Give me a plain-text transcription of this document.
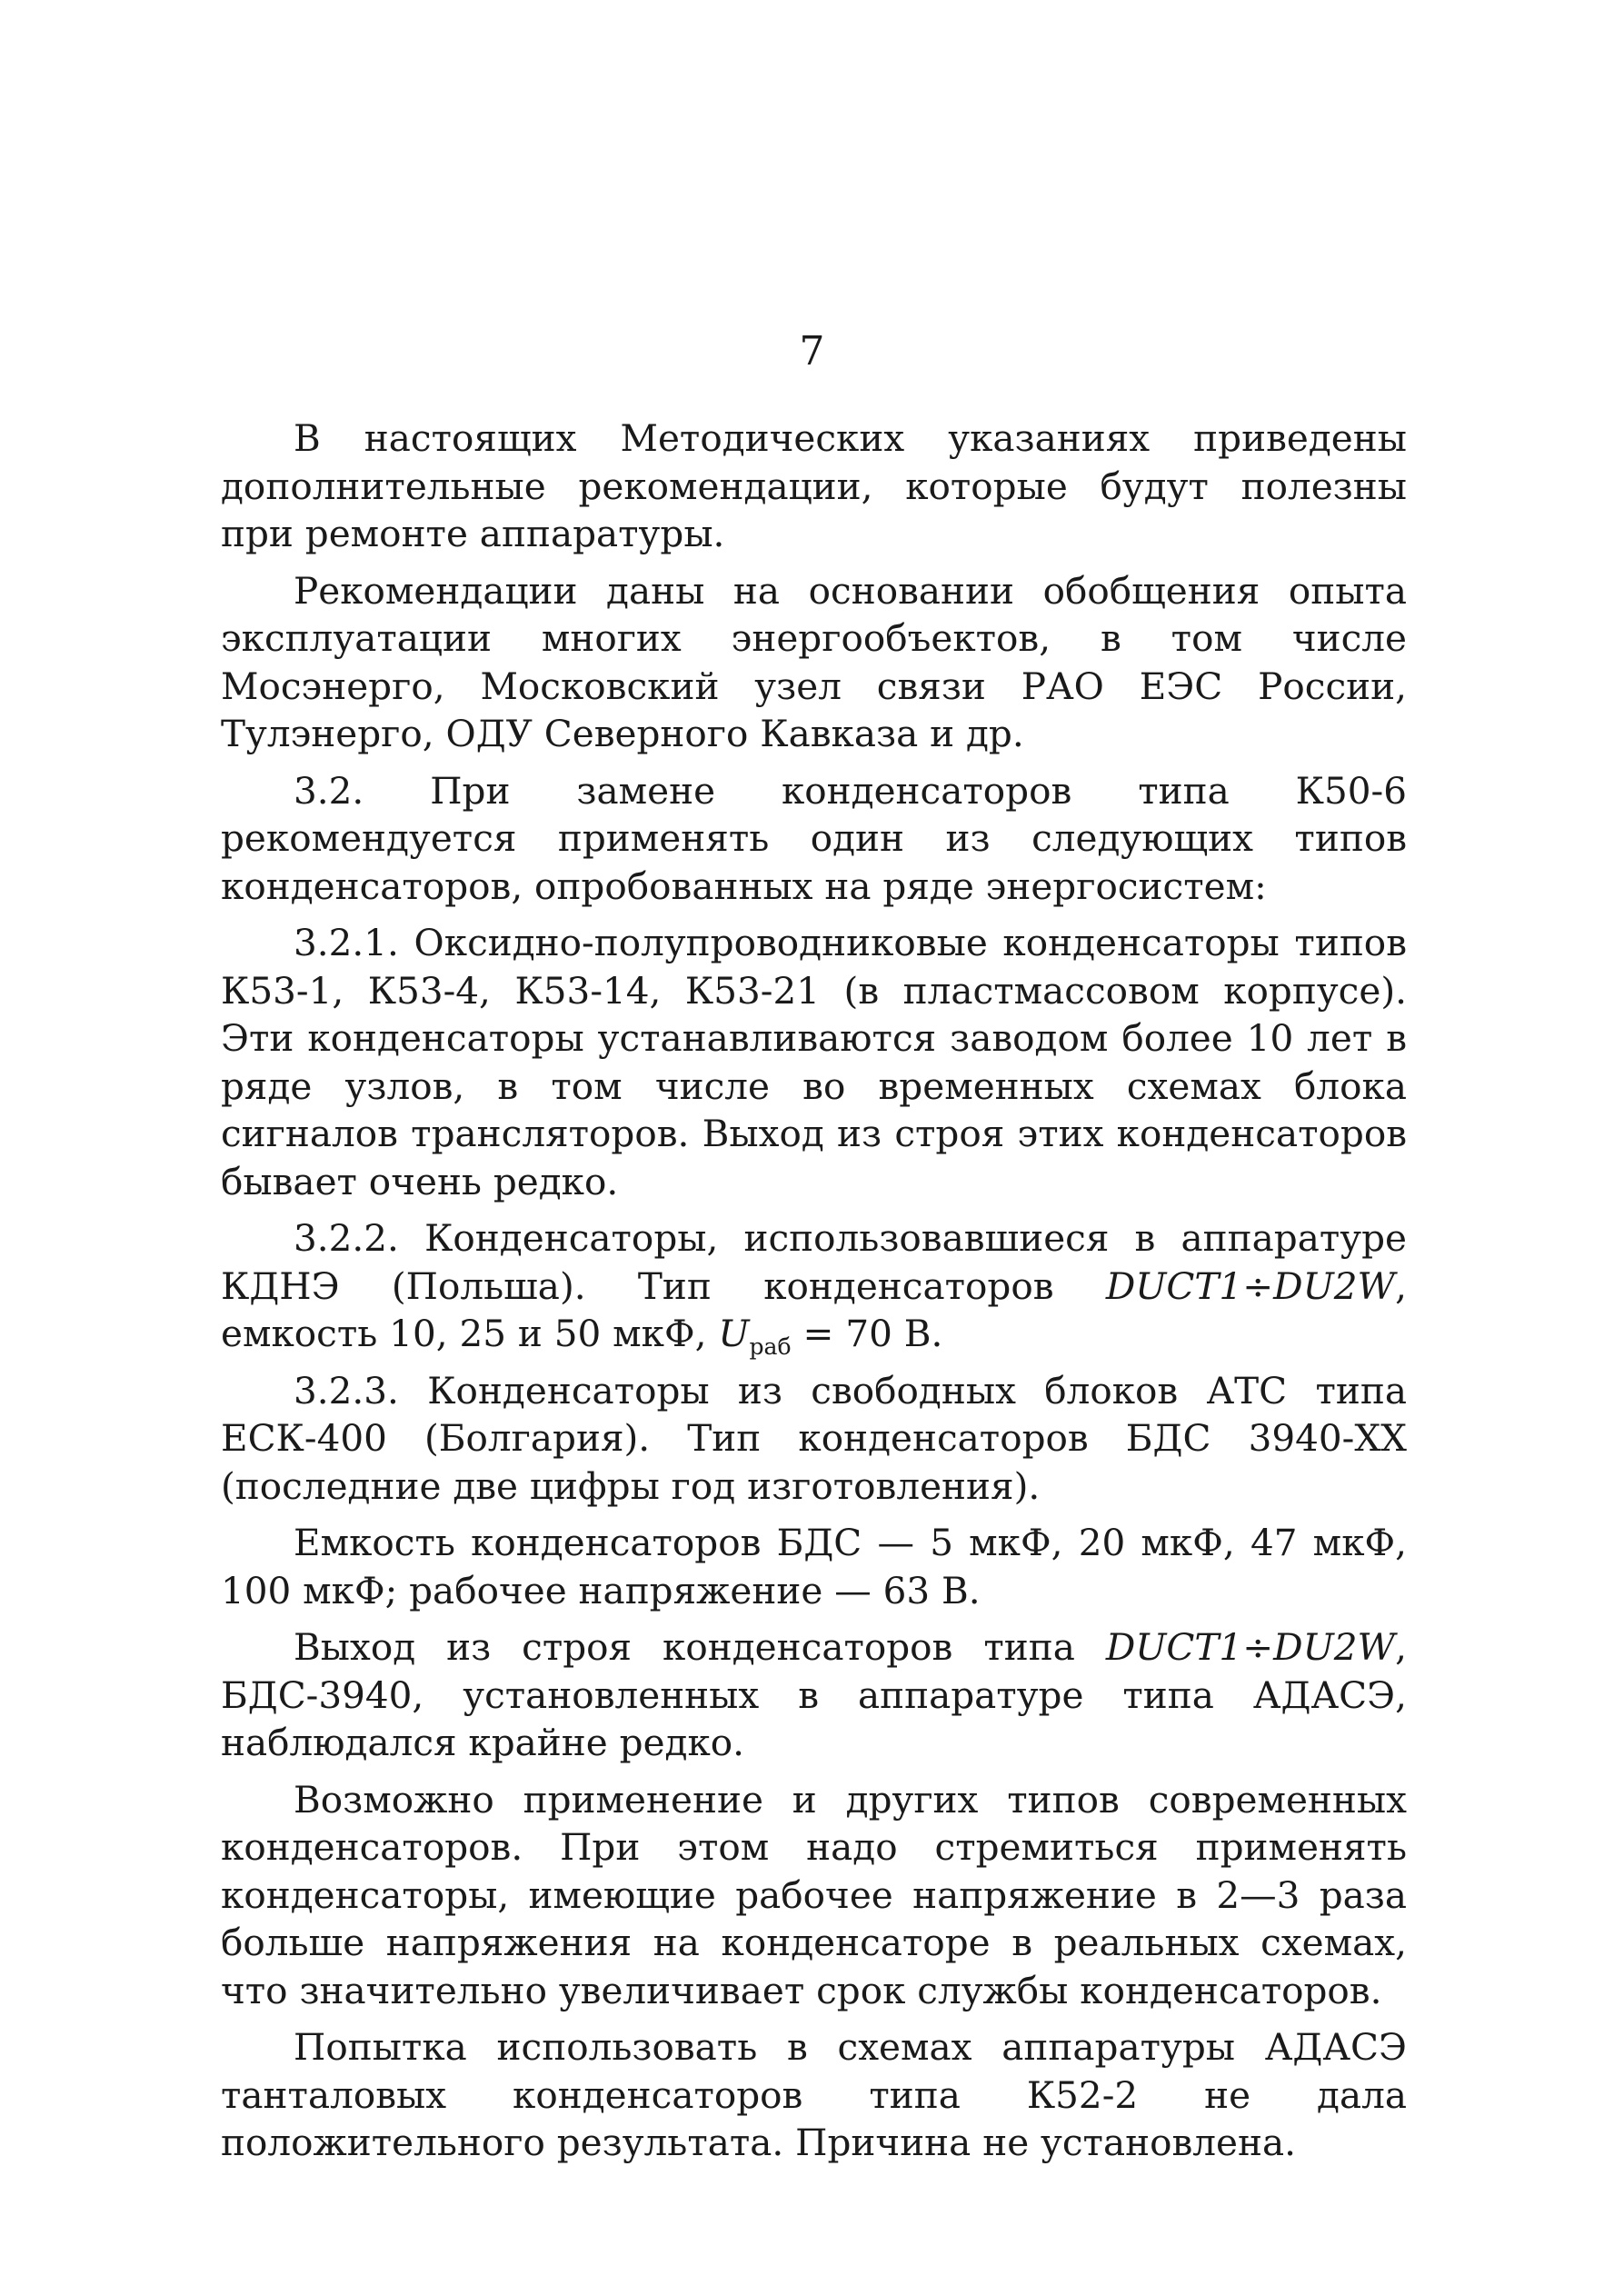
7

В настоящих Методических указаниях приведены дополнительные рекомендации, которые будут полезны при ремонте аппаратуры.

Рекомендации даны на основании обобщения опыта эксплуатации многих энергообъектов, в том числе Мосэнерго, Московский узел связи РАО ЕЭС России, Тулэнерго, ОДУ Северного Кавказа и др.

3.2. При замене конденсаторов типа К50-6 рекомендуется применять один из следующих типов конденсаторов, опробованных на ряде энергосистем:

3.2.1. Оксидно-полупроводниковые конденсаторы типов К53-1, К53-4, К53-14, К53-21 (в пластмассовом корпусе). Эти конденсаторы устанавливаются заводом более 10 лет в ряде узлов, в том числе во временных схемах блока сигналов трансляторов. Выход из строя этих конденсаторов бывает очень редко.

3.2.2. Конденсаторы, использовавшиеся в аппаратуре КДНЭ (Польша). Тип конденсаторов DUCT1÷DU2W, емкость 10, 25 и 50 мкФ, $U_{раб} = 70$ В.

3.2.3. Конденсаторы из свободных блоков АТС типа ЕСК-400 (Болгария). Тип конденсаторов БДС 3940-XX (последние две цифры год изготовления).

Емкость конденсаторов БДС — 5 мкФ, 20 мкФ, 47 мкФ, 100 мкФ; рабочее напряжение — 63 В.

Выход из строя конденсаторов типа DUCT1÷DU2W, БДС-3940, установленных в аппаратуре типа АДАСЭ, наблюдался крайне редко.

Возможно применение и других типов современных конденсаторов. При этом надо стремиться применять конденсаторы, имеющие рабочее напряжение в 2—3 раза больше напряжения на конденсаторе в реальных схемах, что значительно увеличивает срок службы конденсаторов.

Попытка использовать в схемах аппаратуры АДАСЭ танталовых конденсаторов типа К52-2 не дала положительного результата. Причина не установлена.
